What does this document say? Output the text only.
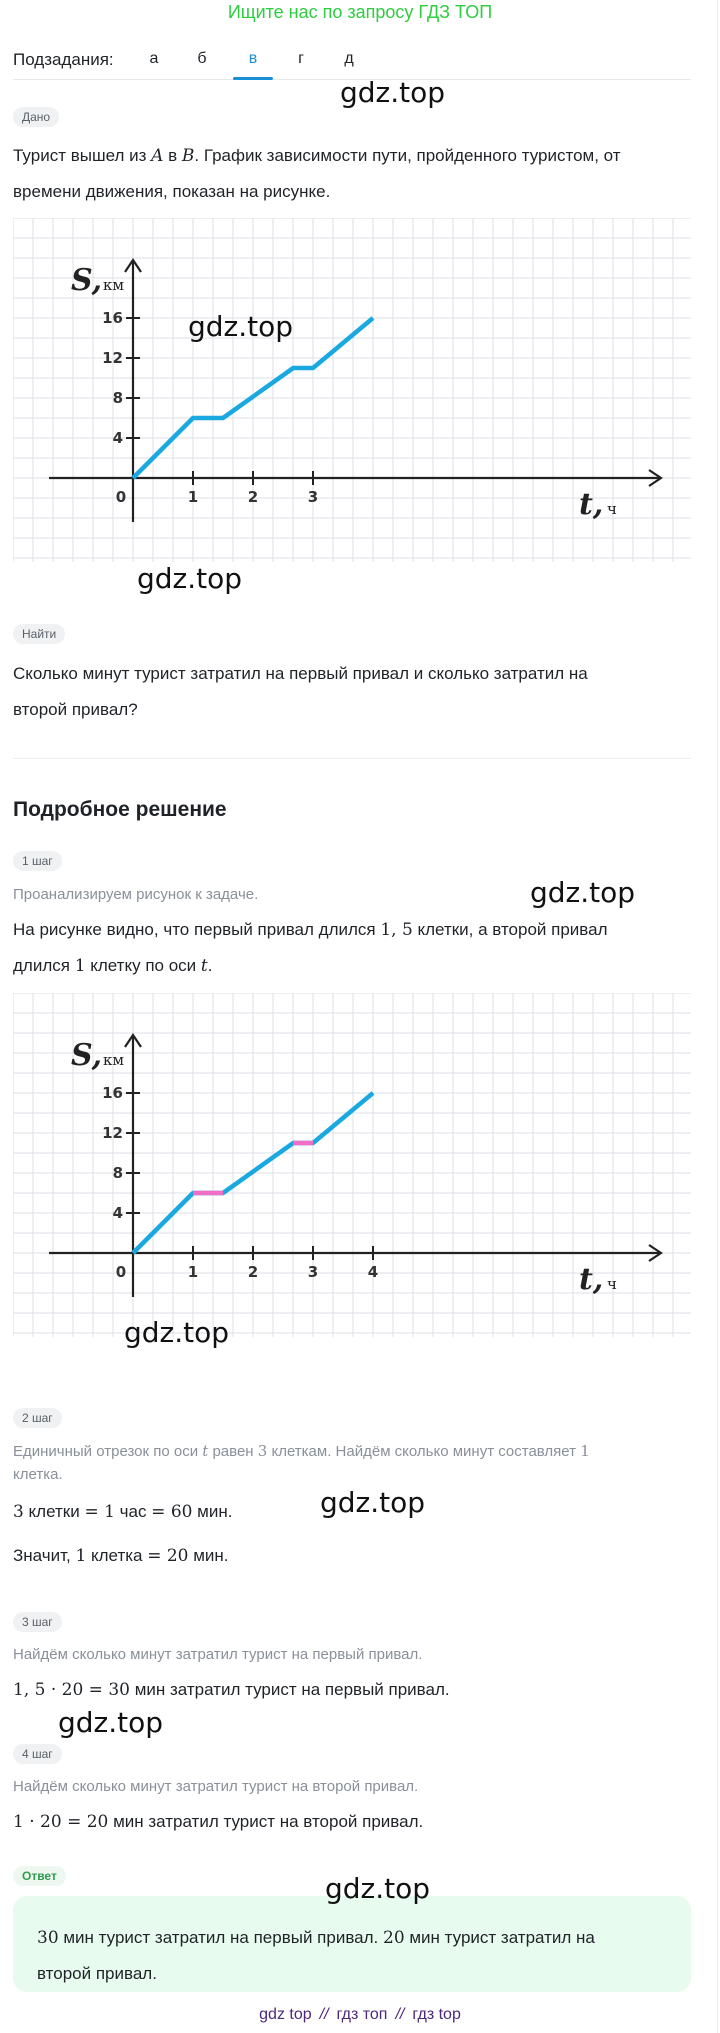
Ищите нас по запросу ГДЗ ТОП
Подзадания:	а	б	в	г	д
gdz.top
Дано
Турист вышел из A в B. График зависимости пути, пройденного туристом, от
времени движения, показан на рисунке.
4
8
12
16
0	1	2	3
S, км
t, ч
gdz.top
gdz.top
Найти
Сколько минут турист затратил на первый привал и сколько затратил на
второй привал?
Подробное решение
1 шаг
Проанализируем рисунок к задаче.	gdz.top
На рисунке видно, что первый привал длился 1, 5 клетки, а второй привал
длился 1 клетку по оси t.
4
8
12
16
0	1	2	3	4
S, км
t, ч
gdz.top
2 шаг
Единичный отрезок по оси t равен 3 клеткам. Найдём сколько минут составляет 1
клетка.
3 клетки = 1 час = 60 мин.	gdz.top
Значит, 1 клетка = 20 мин.
3 шаг
Найдём сколько минут затратил турист на первый привал.
1, 5 · 20 = 30 мин затратил турист на первый привал.
gdz.top
4 шаг
Найдём сколько минут затратил турист на второй привал.
1 · 20 = 20 мин затратил турист на второй привал.
Ответ	gdz.top
30 мин турист затратил на первый привал. 20 мин турист затратил на
второй привал.
gdz top // гдз топ // гдз top
